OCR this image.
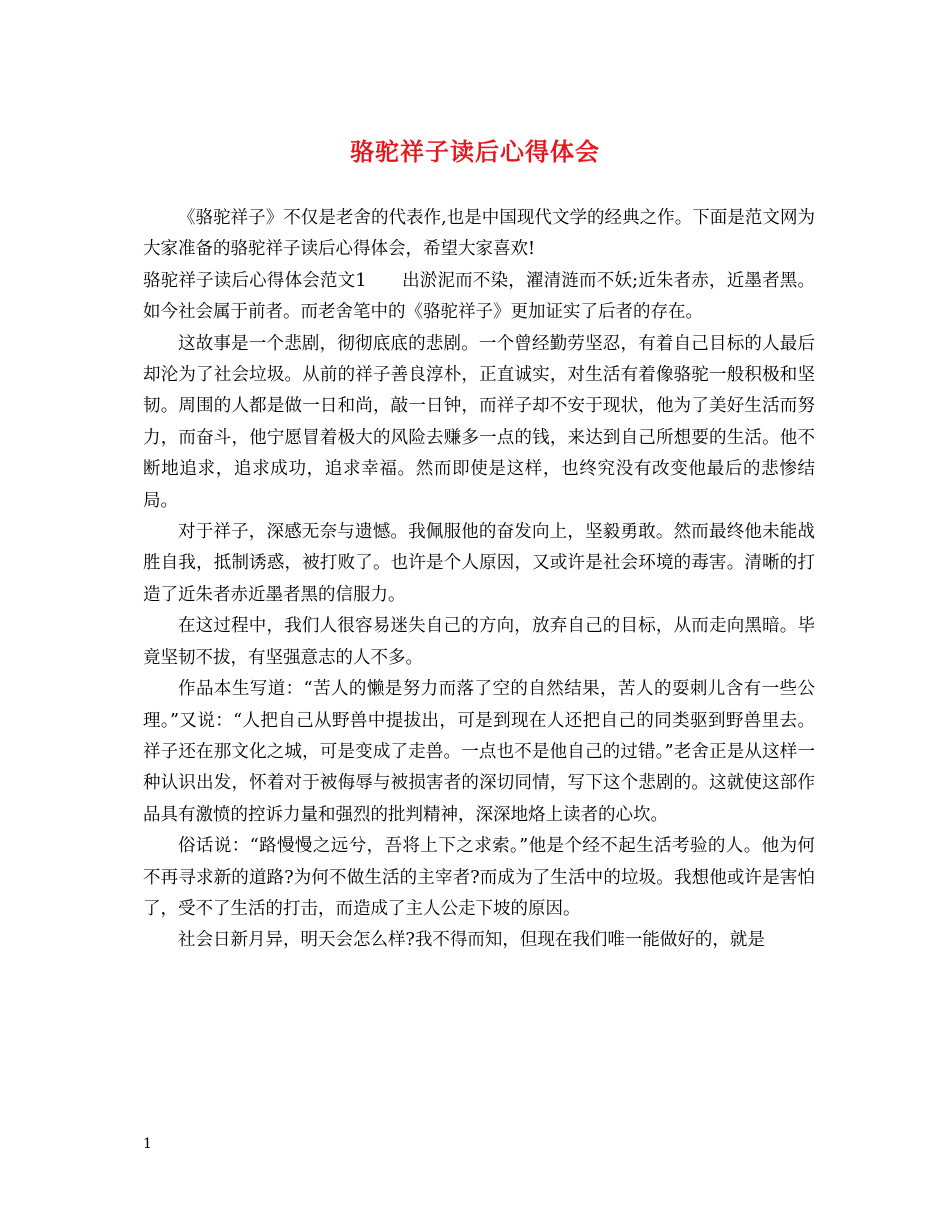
骆驼祥子读后心得体会

《骆驼祥子》不仅是老舍的代表作,也是中国现代文学的经典之作。下面是范文网为大家准备的骆驼祥子读后心得体会，希望大家喜欢!

骆驼祥子读后心得体会范文1　　出淤泥而不染，濯清涟而不妖;近朱者赤，近墨者黑。如今社会属于前者。而老舍笔中的《骆驼祥子》更加证实了后者的存在。

这故事是一个悲剧，彻彻底底的悲剧。一个曾经勤劳坚忍，有着自己目标的人最后却沦为了社会垃圾。从前的祥子善良淳朴，正直诚实，对生活有着像骆驼一般积极和坚韧。周围的人都是做一日和尚，敲一日钟，而祥子却不安于现状，他为了美好生活而努力，而奋斗，他宁愿冒着极大的风险去赚多一点的钱，来达到自己所想要的生活。他不断地追求，追求成功，追求幸福。然而即使是这样，也终究没有改变他最后的悲惨结局。

对于祥子，深感无奈与遗憾。我佩服他的奋发向上，坚毅勇敢。然而最终他未能战胜自我，抵制诱惑，被打败了。也许是个人原因，又或许是社会环境的毒害。清晰的打造了近朱者赤近墨者黑的信服力。

在这过程中，我们人很容易迷失自己的方向，放弃自己的目标，从而走向黑暗。毕竟坚韧不拔，有坚强意志的人不多。

作品本生写道：“苦人的懒是努力而落了空的自然结果，苦人的耍刺儿含有一些公理。”又说：“人把自己从野兽中提拔出，可是到现在人还把自己的同类驱到野兽里去。祥子还在那文化之城，可是变成了走兽。一点也不是他自己的过错。”老舍正是从这样一种认识出发，怀着对于被侮辱与被损害者的深切同情，写下这个悲剧的。这就使这部作品具有激愤的控诉力量和强烈的批判精神，深深地烙上读者的心坎。

俗话说：“路慢慢之远兮，吾将上下之求索。”他是个经不起生活考验的人。他为何不再寻求新的道路?为何不做生活的主宰者?而成为了生活中的垃圾。我想他或许是害怕了，受不了生活的打击，而造成了主人公走下坡的原因。

社会日新月异，明天会怎么样?我不得而知，但现在我们唯一能做好的，就是

1
